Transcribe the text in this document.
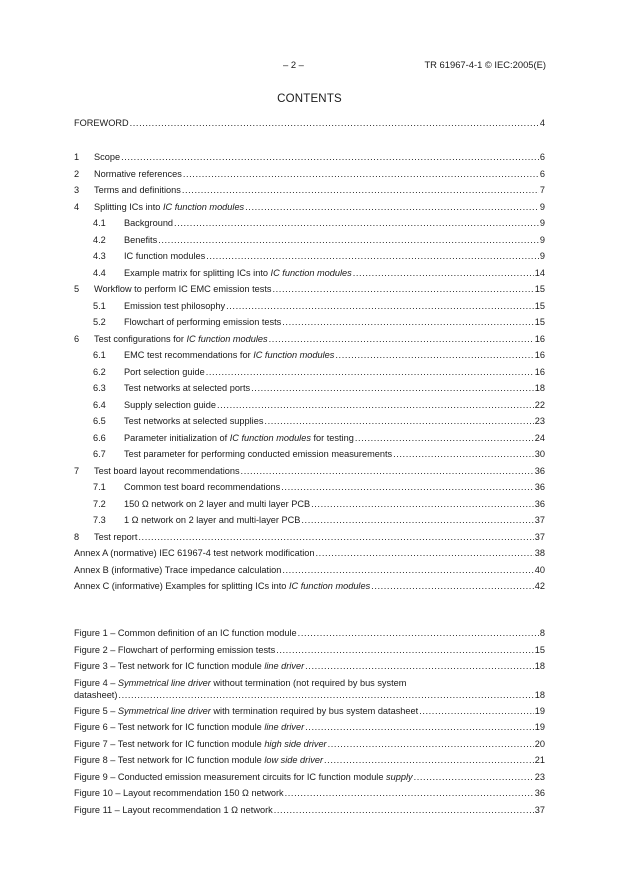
– 2 –	TR 61967-4-1 © IEC:2005(E)
CONTENTS
FOREWORD .....	4
1	Scope .....	6
2	Normative references .....	6
3	Terms and definitions .....	7
4	Splitting ICs into IC function modules .....	9
4.1	Background .....	9
4.2	Benefits .....	9
4.3	IC function modules .....	9
4.4	Example matrix for splitting ICs into IC function modules .....	14
5	Workflow to perform IC EMC emission tests .....	15
5.1	Emission test philosophy .....	15
5.2	Flowchart of performing emission tests .....	15
6	Test configurations for IC function modules .....	16
6.1	EMC test recommendations for IC function modules .....	16
6.2	Port selection guide .....	16
6.3	Test networks at selected ports .....	18
6.4	Supply selection guide .....	22
6.5	Test networks at selected supplies .....	23
6.6	Parameter initialization of IC function modules for testing .....	24
6.7	Test parameter for performing conducted emission measurements .....	30
7	Test board layout recommendations .....	36
7.1	Common test board recommendations .....	36
7.2	150 Ω network on 2 layer and multi layer PCB .....	36
7.3	1 Ω network on 2 layer and multi-layer PCB .....	37
8	Test report .....	37
Annex A (normative) IEC 61967-4 test network modification .....	38
Annex B (informative) Trace impedance calculation .....	40
Annex C (informative) Examples for splitting ICs into IC function modules .....	42
Figure 1 – Common definition of an IC function module .....	8
Figure 2 – Flowchart of performing emission tests .....	15
Figure 3 – Test network for IC function module line driver .....	18
Figure 4 – Symmetrical line driver without termination (not required by bus system
datasheet) .....	18
Figure 5 – Symmetrical line driver with termination required by bus system datasheet .....	19
Figure 6 – Test network for IC function module line driver .....	19
Figure 7 – Test network for IC function module high side driver .....	20
Figure 8 – Test network for IC function module low side driver .....	21
Figure 9 – Conducted emission measurement circuits for IC function module supply .....	23
Figure 10 – Layout recommendation 150 Ω network .....	36
Figure 11 – Layout recommendation 1 Ω network .....	37
